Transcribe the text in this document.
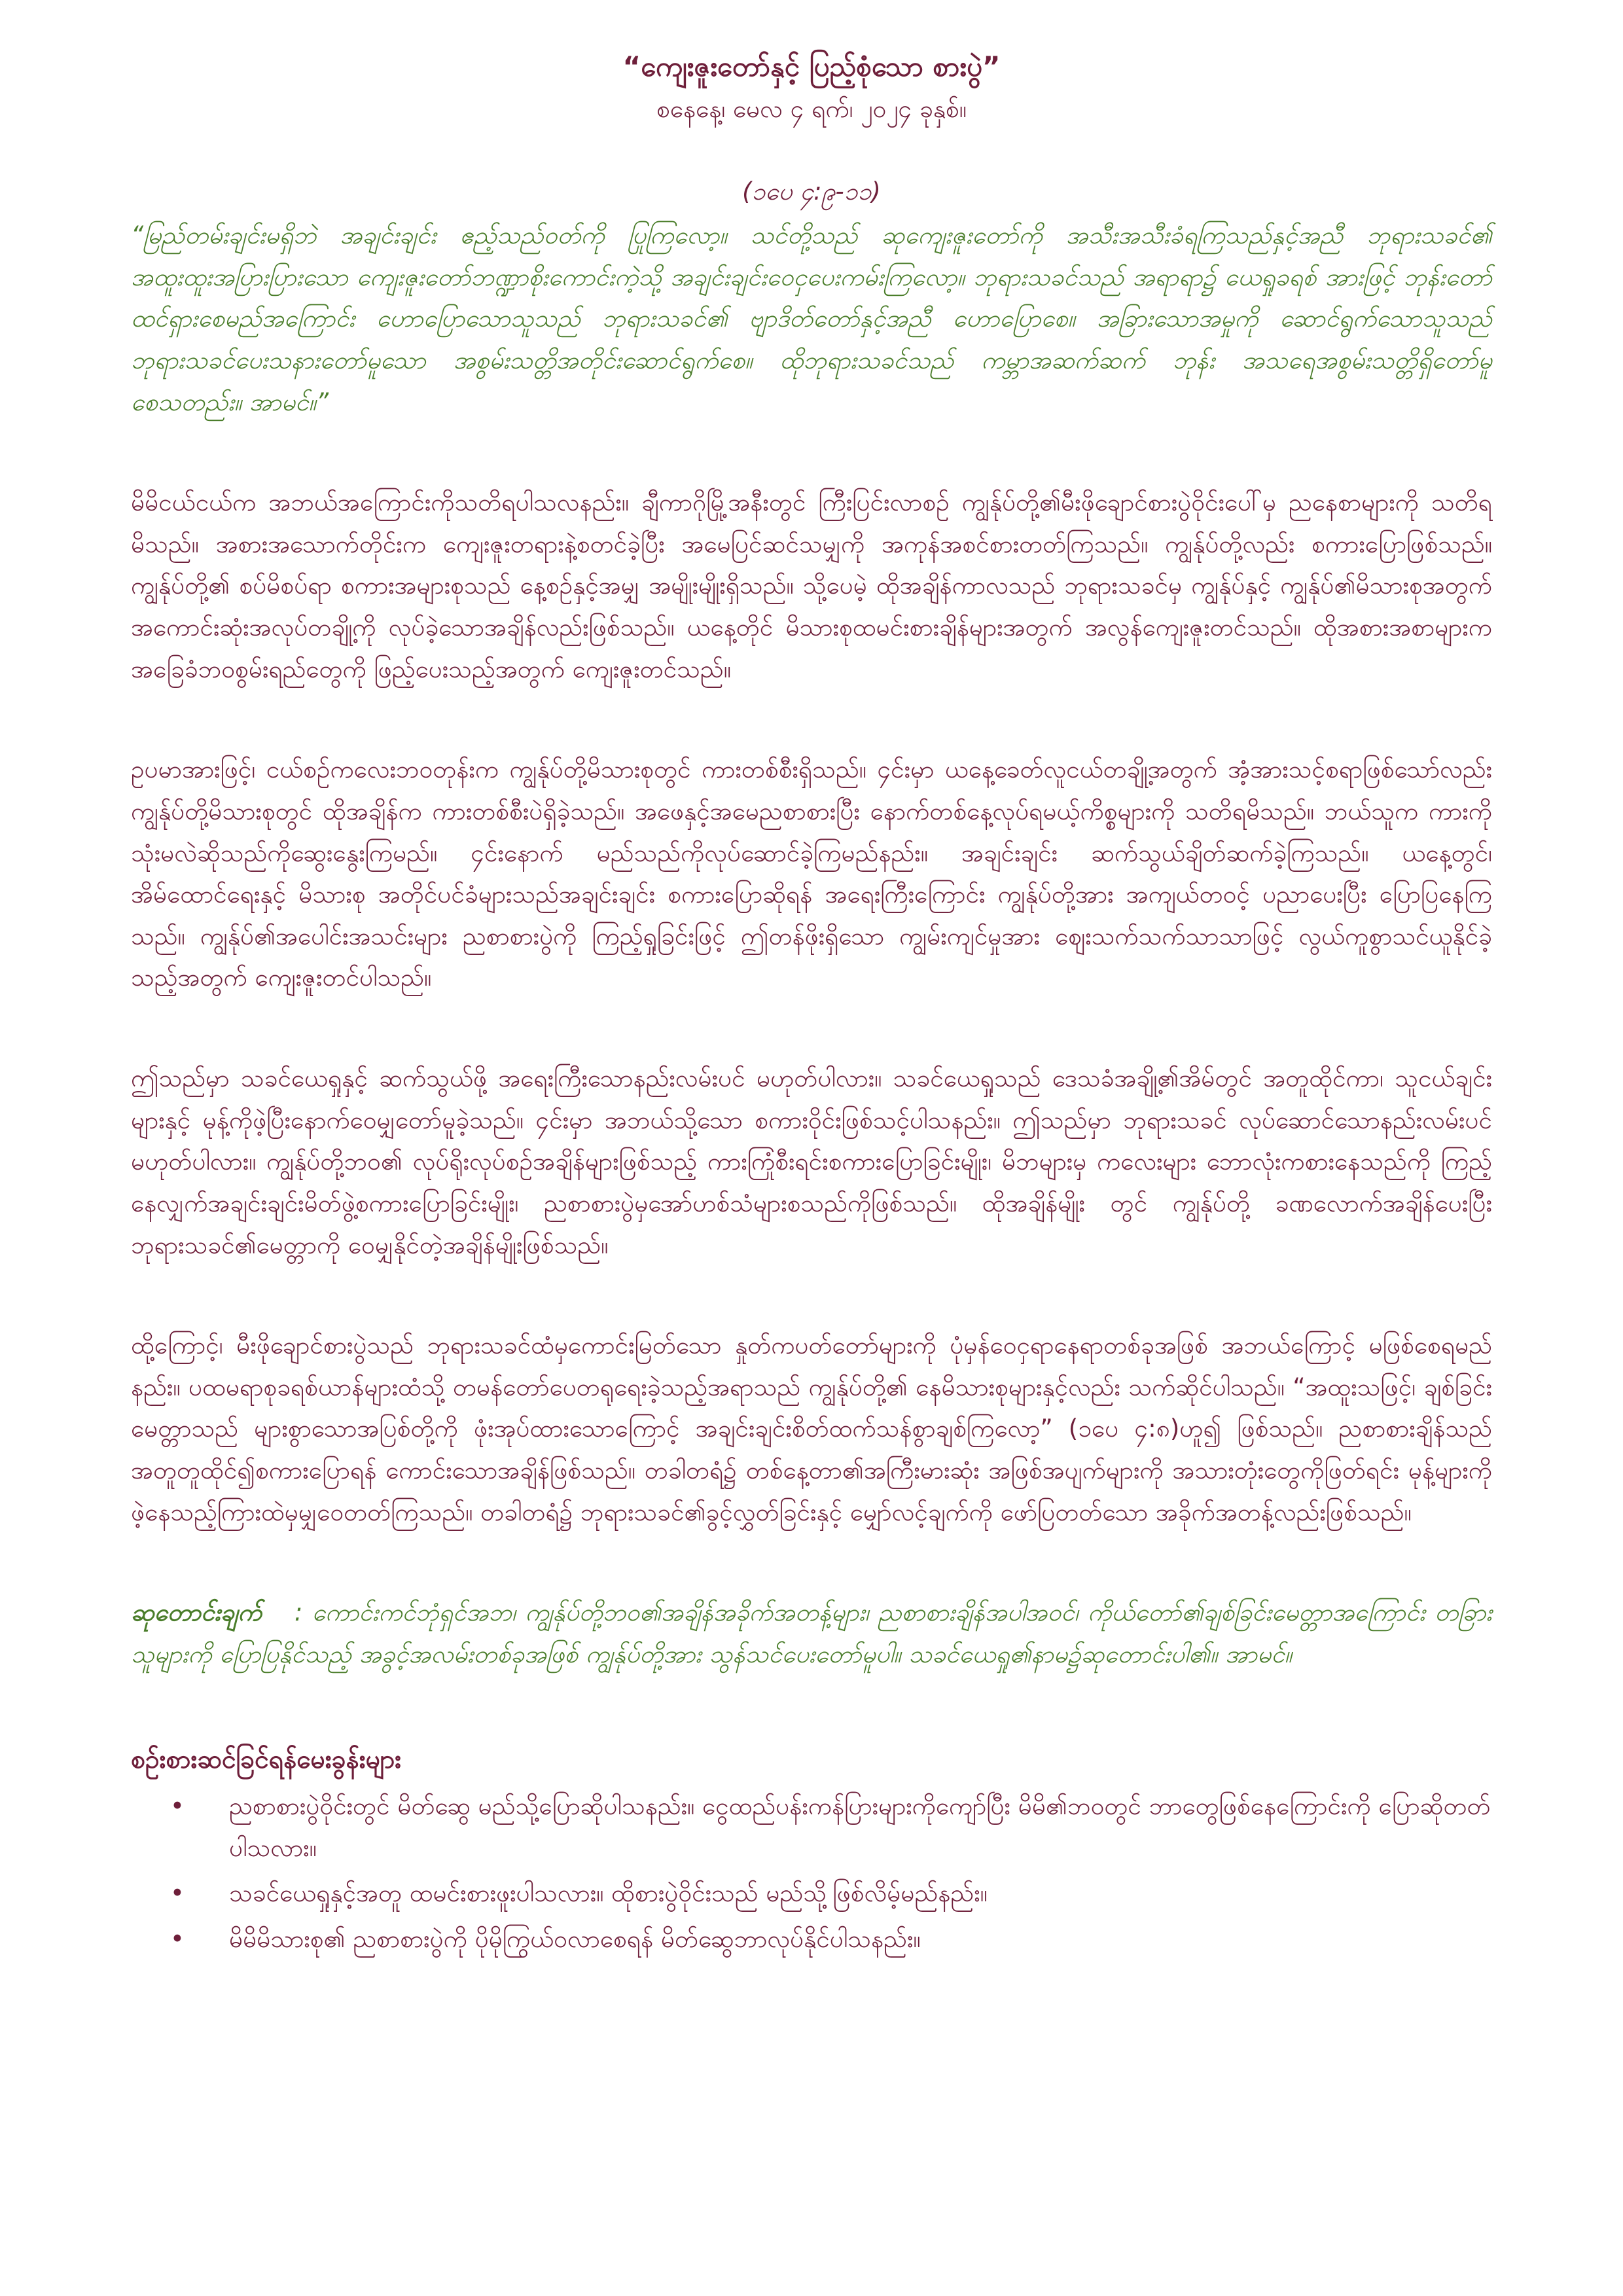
“ကျေးဇူးတော်နှင့် ပြည့်စုံသော စားပွဲ”
စနေနေ့၊ မေလ ၄ ရက်၊ ၂၀၂၄ ခုနှစ်။
(၁ပေ ၄:၉-၁၁)
“မြည်တမ်းချင်းမရှိဘဲ အချင်းချင်း ဧည့်သည်ဝတ်ကို ပြုကြလော့။ သင်တို့သည် ဆုကျေးဇူးတော်ကို အသီးအသီးခံရကြသည်နှင့်အညီ ဘုရားသခင်၏ အထူးထူးအပြားပြားသော ကျေးဇူးတော်ဘဏ္ဍာစိုးကောင်းကဲ့သို့ အချင်းချင်းဝေငှပေးကမ်းကြလော့။ ဘုရားသခင်သည် အရာရာ၌ ယေရှုခရစ် အားဖြင့် ဘုန်းတော်ထင်ရှားစေမည်အကြောင်း ဟောပြောသောသူသည် ဘုရားသခင်၏ ဗျာဒိတ်တော်နှင့်အညီ ဟောပြောစေ။ အခြားသောအမှုကို ဆောင်ရွက်သောသူသည် ဘုရားသခင်ပေးသနားတော်မူသော အစွမ်းသတ္တိအတိုင်းဆောင်ရွက်စေ။ ထိုဘုရားသခင်သည် ကမ္ဘာအဆက်ဆက် ဘုန်း အသရေအစွမ်းသတ္တိရှိတော်မူစေသတည်း။ အာမင်။”
မိမိငယ်ငယ်က အဘယ်အကြောင်းကိုသတိရပါသလနည်း။ ချီကာဂိုမြို့အနီးတွင် ကြီးပြင်းလာစဉ် ကျွန်ုပ်တို့၏မီးဖိုချောင်စားပွဲဝိုင်းပေါ်မှ ညနေစာများကို သတိရမိသည်။ အစားအသောက်တိုင်းက ကျေးဇူးတရားနဲ့စတင်ခဲ့ပြီး အမေပြင်ဆင်သမျှကို အကုန်အစင်စားတတ်ကြသည်။ ကျွန်ုပ်တို့လည်း စကားပြောဖြစ်သည်။ ကျွန်ုပ်တို့၏ စပ်မိစပ်ရာ စကားအများစုသည် နေ့စဉ်နှင့်အမျှ အမျိုးမျိုးရှိသည်။ သို့ပေမဲ့ ထိုအချိန်ကာလသည် ဘုရားသခင်မှ ကျွန်ုပ်နှင့် ကျွန်ုပ်၏မိသားစုအတွက် အကောင်းဆုံးအလုပ်တချို့ကို လုပ်ခဲ့သောအချိန်လည်းဖြစ်သည်။ ယနေ့တိုင် မိသားစုထမင်းစားချိန်များအတွက် အလွန်ကျေးဇူးတင်သည်။ ထိုအစားအစာများက အခြေခံဘဝစွမ်းရည်တွေကို ဖြည့်ပေးသည့်အတွက် ကျေးဇူးတင်သည်။
ဥပမာအားဖြင့်၊ ငယ်စဉ်ကလေးဘဝတုန်းက ကျွန်ုပ်တို့မိသားစုတွင် ကားတစ်စီးရှိသည်။ ၄င်းမှာ ယနေ့ခေတ်လူငယ်တချို့အတွက် အံ့အားသင့်စရာဖြစ်သော်လည်းကျွန်ုပ်တို့မိသားစုတွင် ထိုအချိန်က ကားတစ်စီးပဲရှိခဲ့သည်။ အဖေနှင့်အမေညစာစားပြီး နောက်တစ်နေ့လုပ်ရမယ့်ကိစ္စများကို သတိရမိသည်။ ဘယ်သူက ကားကိုသုံးမလဲဆိုသည်ကိုဆွေးနွေးကြမည်။ ၄င်းနောက် မည်သည်ကိုလုပ်ဆောင်ခဲ့ကြမည်နည်း။ အချင်းချင်း ဆက်သွယ်ချိတ်ဆက်ခဲ့ကြသည်။ ယနေ့တွင်၊ အိမ်ထောင်ရေးနှင့် မိသားစု အတိုင်ပင်ခံများသည်အချင်းချင်း စကားပြောဆိုရန် အရေးကြီးကြောင်း ကျွန်ုပ်တို့အား အကျယ်တဝင့် ပညာပေးပြီး ပြောပြနေကြသည်။ ကျွန်ုပ်၏အပေါင်းအသင်းများ ညစာစားပွဲကို ကြည့်ရှုခြင်းဖြင့် ဤတန်ဖိုးရှိသော ကျွမ်းကျင်မှုအား ဈေးသက်သက်သာသာဖြင့် လွယ်ကူစွာသင်ယူနိုင်ခဲ့သည့်အတွက် ကျေးဇူးတင်ပါသည်။
ဤသည်မှာ သခင်ယေရှုနှင့် ဆက်သွယ်ဖို့ အရေးကြီးသောနည်းလမ်းပင် မဟုတ်ပါလား။ သခင်ယေရှုသည် ဒေသခံအချို့၏အိမ်တွင် အတူထိုင်ကာ၊ သူငယ်ချင်းများနှင့် မုန့်ကိုဖဲ့ပြီးနောက်ဝေမျှတော်မူခဲ့သည်။ ၄င်းမှာ အဘယ်သို့သော စကားဝိုင်းဖြစ်သင့်ပါသနည်း။ ဤသည်မှာ ဘုရားသခင် လုပ်ဆောင်သောနည်းလမ်းပင် မဟုတ်ပါလား။ ကျွန်ုပ်တို့ဘဝ၏ လုပ်ရိုးလုပ်စဉ်အချိန်များဖြစ်သည့် ကားကြုံစီးရင်းစကားပြောခြင်းမျိုး၊ မိဘများမှ ကလေးများ ဘောလုံးကစားနေသည်ကို ကြည့်နေလျှက်အချင်းချင်းမိတ်ဖွဲ့စကားပြောခြင်းမျိုး၊ ညစာစားပွဲမှအော်ဟစ်သံများစသည်ကိုဖြစ်သည်။ ထိုအချိန်မျိုး တွင် ကျွန်ုပ်တို့ ခဏလောက်အချိန်ပေးပြီး ဘုရားသခင်၏မေတ္တာကို ဝေမျှနိုင်တဲ့အချိန်မျိုးဖြစ်သည်။
ထို့ကြောင့်၊ မီးဖိုချောင်စားပွဲသည် ဘုရားသခင်ထံမှကောင်းမြတ်သော နှုတ်ကပတ်တော်များကို ပုံမှန်ဝေငှရာနေရာတစ်ခုအဖြစ် အဘယ်ကြောင့် မဖြစ်စေရမည်နည်း။ ပထမရာစုခရစ်ယာန်များထံသို့ တမန်တော်ပေတရုရေးခဲ့သည့်အရာသည် ကျွန်ုပ်တို့၏ နေမိသားစုများနှင့်လည်း သက်ဆိုင်ပါသည်။ “အထူးသဖြင့်၊ ချစ်ခြင်းမေတ္တာသည် များစွာသောအပြစ်တို့ကို ဖုံးအုပ်ထားသောကြောင့် အချင်းချင်းစိတ်ထက်သန်စွာချစ်ကြလော့” (၁ပေ ၄:၈)ဟူ၍ ဖြစ်သည်။ ညစာစားချိန်သည် အတူတူထိုင်၍စကားပြောရန် ကောင်းသောအချိန်ဖြစ်သည်။ တခါတရံ၌ တစ်နေ့တာ၏အကြီးမားဆုံး အဖြစ်အပျက်များကို အသားတုံးတွေကိုဖြတ်ရင်း မုန့်များကိုဖဲ့နေသည့်ကြားထဲမှမျှဝေတတ်ကြသည်။ တခါတရံ၌ ဘုရားသခင်၏ခွင့်လွှတ်ခြင်းနှင့် မျှော်လင့်ချက်ကို ဖော်ပြတတ်သော အခိုက်အတန့်လည်းဖြစ်သည်။
ဆုတောင်းချက် : ကောင်းကင်ဘုံရှင်အဘ၊ ကျွန်ုပ်တို့ဘဝ၏အချိန်အခိုက်အတန့်များ၊ ညစာစားချိန်အပါအဝင်၊ ကိုယ်တော်၏ချစ်ခြင်းမေတ္တာအကြောင်း တခြားသူများကို ပြောပြနိုင်သည့် အခွင့်အလမ်းတစ်ခုအဖြစ် ကျွန်ုပ်တို့အား သွန်သင်ပေးတော်မူပါ။ သခင်ယေရှု၏နာမ၌ဆုတောင်းပါ၏။ အာမင်။
စဉ်းစားဆင်ခြင်ရန်မေးခွန်းများ
• ညစာစားပွဲဝိုင်းတွင် မိတ်ဆွေ မည်သို့ပြောဆိုပါသနည်း။ ငွေထည်ပန်းကန်ပြားများကိုကျော်ပြီး မိမိ၏ဘဝတွင် ဘာတွေဖြစ်နေကြောင်းကို ပြောဆိုတတ်ပါသလား။
• သခင်ယေရှုနှင့်အတူ ထမင်းစားဖူးပါသလား။ ထိုစားပွဲဝိုင်းသည် မည်သို့ဖြစ်လိမ့်မည်နည်း။
• မိမိမိသားစု၏ ညစာစားပွဲကို ပိုမိုကြွယ်ဝလာစေရန် မိတ်ဆွေဘာလုပ်နိုင်ပါသနည်း။
